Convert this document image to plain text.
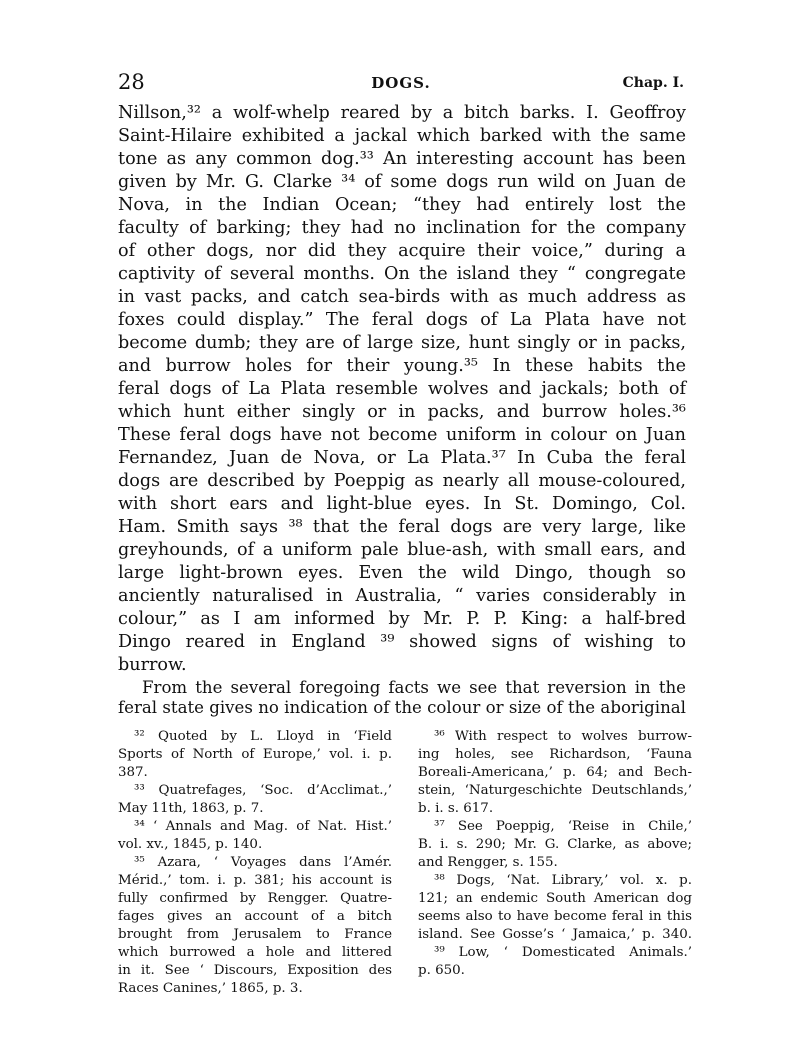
28	DOGS.	Chap. I.
Nillson,³² a wolf-whelp reared by a bitch barks. I. Geoffroy
Saint-Hilaire exhibited a jackal which barked with the same
tone as any common dog.³³ An interesting account has been
given by Mr. G. Clarke ³⁴ of some dogs run wild on Juan de
Nova, in the Indian Ocean; “they had entirely lost the
faculty of barking; they had no inclination for the company
of other dogs, nor did they acquire their voice,” during a
captivity of several months. On the island they “ congregate
in vast packs, and catch sea-birds with as much address as
foxes could display.” The feral dogs of La Plata have not
become dumb; they are of large size, hunt singly or in packs,
and burrow holes for their young.³⁵ In these habits the
feral dogs of La Plata resemble wolves and jackals; both of
which hunt either singly or in packs, and burrow holes.³⁶
These feral dogs have not become uniform in colour on Juan
Fernandez, Juan de Nova, or La Plata.³⁷ In Cuba the feral
dogs are described by Poeppig as nearly all mouse-coloured,
with short ears and light-blue eyes. In St. Domingo, Col.
Ham. Smith says ³⁸ that the feral dogs are very large, like
greyhounds, of a uniform pale blue-ash, with small ears, and
large light-brown eyes. Even the wild Dingo, though so
anciently naturalised in Australia, “ varies considerably in
colour,” as I am informed by Mr. P. P. King: a half-bred
Dingo reared in England ³⁹ showed signs of wishing to
burrow.
From the several foregoing facts we see that reversion in the
feral state gives no indication of the colour or size of the aboriginal
³² Quoted by L. Lloyd in ‘Field
Sports of North of Europe,’ vol. i. p.
387.
³³ Quatrefages, ‘Soc. d’Acclimat.,’
May 11th, 1863, p. 7.
³⁴ ‘ Annals and Mag. of Nat. Hist.’
vol. xv., 1845, p. 140.
³⁵ Azara, ‘ Voyages dans l’Amér.
Mérid.,’ tom. i. p. 381; his account is
fully confirmed by Rengger. Quatre-
fages gives an account of a bitch
brought from Jerusalem to France
which burrowed a hole and littered
in it. See ‘ Discours, Exposition des
Races Canines,’ 1865, p. 3.
³⁶ With respect to wolves burrow-
ing holes, see Richardson, ‘Fauna
Boreali-Americana,’ p. 64; and Bech-
stein, ‘Naturgeschichte Deutschlands,’
b. i. s. 617.
³⁷ See Poeppig, ‘Reise in Chile,’
B. i. s. 290; Mr. G. Clarke, as above;
and Rengger, s. 155.
³⁸ Dogs, ‘Nat. Library,’ vol. x. p.
121; an endemic South American dog
seems also to have become feral in this
island. See Gosse’s ‘ Jamaica,’ p. 340.
³⁹ Low, ‘ Domesticated Animals.’
p. 650.
